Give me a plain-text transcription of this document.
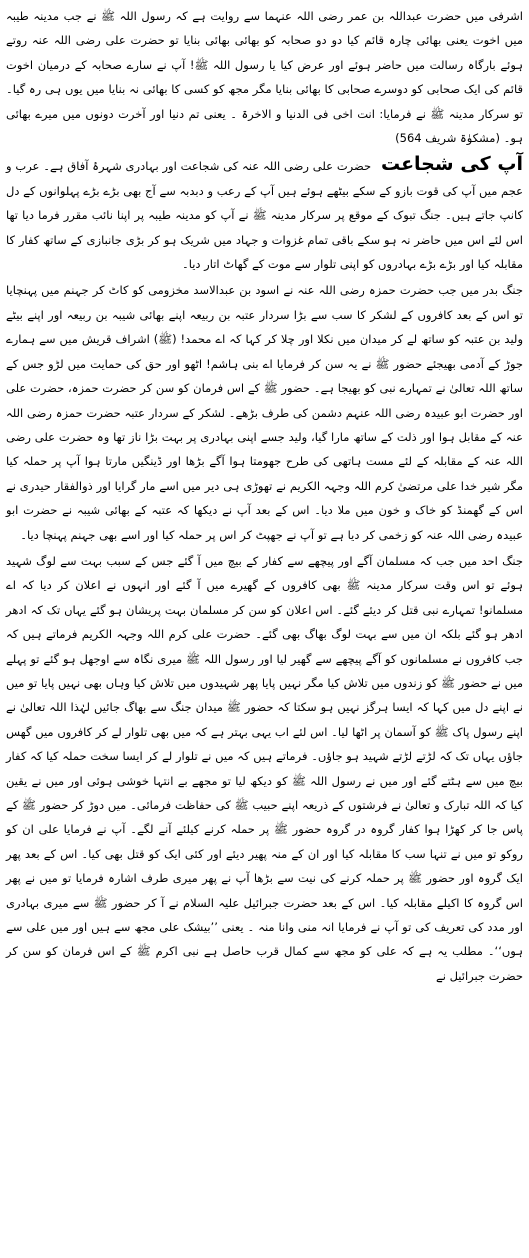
اشرفی میں حضرت عبداللہ بن عمر رضی اللہ عنہما سے روایت ہے کہ رسول اللہ ﷺ نے جب مدینہ طیبہ میں اخوت یعنی بھائی چارہ قائم کیا دو دو صحابہ کو بھائی بھائی بنایا تو حضرت علی رضی اللہ عنہ روتے ہوئے بارگاہ رسالت میں حاضر ہوئے اور عرض کیا یا رسول اللہ ﷺ! آپ نے سارے صحابہ کے درمیان اخوت قائم کی ایک صحابی کو دوسرے صحابی کا بھائی بنایا مگر مجھ کو کسی کا بھائی نہ بنایا میں یوں ہی رہ گیا۔ تو سرکار مدینہ ﷺ نے فرمایا: انت اخی فی الدنیا و الاخرۃ ۔ یعنی تم دنیا اور آخرت دونوں میں میرے بھائی ہو۔ (مشکوٰۃ شریف 564)

آپ کی شجاعت حضرت علی رضی اللہ عنہ کی شجاعت اور بہادری شہرۂ آفاق ہے۔ عرب و عجم میں آپ کی قوت بازو کے سکے بیٹھے ہوئے ہیں آپ کے رعب و دبدبہ سے آج بھی بڑے بڑے پہلوانوں کے دل کانپ جاتے ہیں۔ جنگ تبوک کے موقع پر سرکار مدینہ ﷺ نے آپ کو مدینہ طیبہ پر اپنا نائب مقرر فرما دیا تھا اس لئے اس میں حاضر نہ ہو سکے باقی تمام غزوات و جہاد میں شریک ہو کر بڑی جانبازی کے ساتھ کفار کا مقابلہ کیا اور بڑے بڑے بہادروں کو اپنی تلوار سے موت کے گھاٹ اتار دیا۔

جنگ بدر میں جب حضرت حمزہ رضی اللہ عنہ نے اسود بن عبدالاسد مخزومی کو کاٹ کر جہنم میں پہنچایا تو اس کے بعد کافروں کے لشکر کا سب سے بڑا سردار عتبہ بن ربیعہ اپنے بھائی شیبہ بن ربیعہ اور اپنے بیٹے ولید بن عتبہ کو ساتھ لے کر میدان میں نکلا اور چلا کر کہا کہ اے محمد! (ﷺ) اشراف قریش میں سے ہمارے جوڑ کے آدمی بھیجئے حضور ﷺ نے یہ سن کر فرمایا اے بنی ہاشم! اٹھو اور حق کی حمایت میں لڑو جس کے ساتھ اللہ تعالیٰ نے تمہارے نبی کو بھیجا ہے۔ حضور ﷺ کے اس فرمان کو سن کر حضرت حمزہ، حضرت علی اور حضرت ابو عبیدہ رضی اللہ عنہم دشمن کی طرف بڑھے۔ لشکر کے سردار عتبہ حضرت حمزہ رضی اللہ عنہ کے مقابل ہوا اور ذلت کے ساتھ مارا گیا، ولید جسے اپنی بہادری پر بہت بڑا ناز تھا وہ حضرت علی رضی اللہ عنہ کے مقابلہ کے لئے مست ہاتھی کی طرح جھومتا ہوا آگے بڑھا اور ڈینگیں مارتا ہوا آپ پر حملہ کیا مگر شیر خدا علی مرتضیٰ کرم اللہ وجہہ الکریم نے تھوڑی ہی دیر میں اسے مار گرایا اور ذوالفقار حیدری نے اس کے گھمنڈ کو خاک و خون میں ملا دیا۔ اس کے بعد آپ نے دیکھا کہ عتبہ کے بھائی شیبہ نے حضرت ابو عبیدہ رضی اللہ عنہ کو زخمی کر دیا ہے تو آپ نے جھپٹ کر اس پر حملہ کیا اور اسے بھی جہنم پہنچا دیا۔

جنگ احد میں جب کہ مسلمان آگے اور پیچھے سے کفار کے بیچ میں آ گئے جس کے سبب بہت سے لوگ شہید ہوئے تو اس وقت سرکار مدینہ ﷺ بھی کافروں کے گھیرے میں آ گئے اور انہوں نے اعلان کر دیا کہ اے مسلمانو! تمہارے نبی قتل کر دیئے گئے۔ اس اعلان کو سن کر مسلمان بہت پریشان ہو گئے یہاں تک کہ ادھر ادھر ہو گئے بلکہ ان میں سے بہت لوگ بھاگ بھی گئے۔ حضرت علی کرم اللہ وجہہ الکریم فرماتے ہیں کہ جب کافروں نے مسلمانوں کو آگے پیچھے سے گھیر لیا اور رسول اللہ ﷺ میری نگاہ سے اوجھل ہو گئے تو پہلے میں نے حضور ﷺ کو زندوں میں تلاش کیا مگر نہیں پایا پھر شہیدوں میں تلاش کیا وہاں بھی نہیں پایا تو میں نے اپنے دل میں کہا کہ ایسا ہرگز نہیں ہو سکتا کہ حضور ﷺ میدان جنگ سے بھاگ جائیں لہٰذا اللہ تعالیٰ نے اپنے رسول پاک ﷺ کو آسمان پر اٹھا لیا۔ اس لئے اب یہی بہتر ہے کہ میں بھی تلوار لے کر کافروں میں گھس جاؤں یہاں تک کہ لڑتے لڑتے شہید ہو جاؤں۔ فرماتے ہیں کہ میں نے تلوار لے کر ایسا سخت حملہ کیا کہ کفار بیچ میں سے ہٹتے گئے اور میں نے رسول اللہ ﷺ کو دیکھ لیا تو مجھے بے انتہا خوشی ہوئی اور میں نے یقین کیا کہ اللہ تبارک و تعالیٰ نے فرشتوں کے ذریعہ اپنے حبیب ﷺ کی حفاظت فرمائی۔ میں دوڑ کر حضور ﷺ کے پاس جا کر کھڑا ہوا کفار گروہ در گروہ حضور ﷺ پر حملہ کرنے کیلئے آنے لگے۔ آپ نے فرمایا علی ان کو روکو تو میں نے تنہا سب کا مقابلہ کیا اور ان کے منہ پھیر دیئے اور کئی ایک کو قتل بھی کیا۔ اس کے بعد پھر ایک گروہ اور حضور ﷺ پر حملہ کرنے کی نیت سے بڑھا آپ نے پھر میری طرف اشارہ فرمایا تو میں نے پھر اس گروہ کا اکیلے مقابلہ کیا۔ اس کے بعد حضرت جبرائیل علیہ السلام نے آ کر حضور ﷺ سے میری بہادری اور مدد کی تعریف کی تو آپ نے فرمایا انہ منی وانا منہ ۔ یعنی ’’بیشک علی مجھ سے ہیں اور میں علی سے ہوں‘‘۔ مطلب یہ ہے کہ علی کو مجھ سے کمال قرب حاصل ہے نبی اکرم ﷺ کے اس فرمان کو سن کر حضرت جبرائیل نے
